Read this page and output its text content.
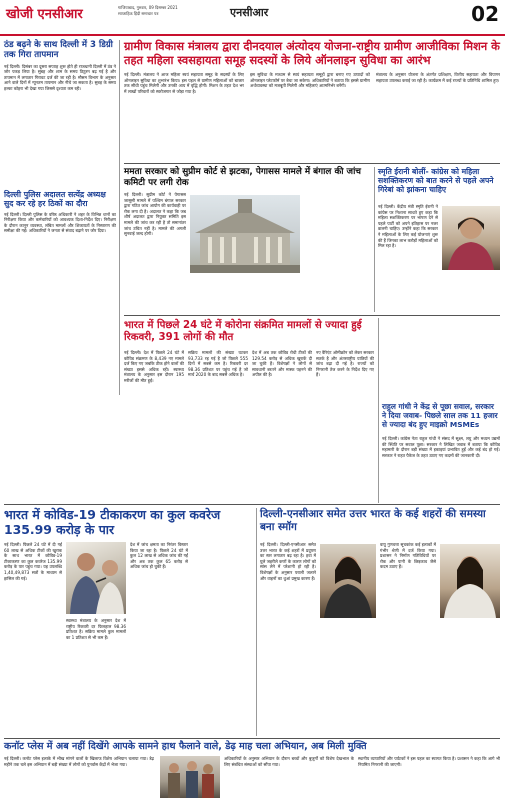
खोजी एनसीआर	गाजियाबाद, गुरुवार, 09 दिसम्बर 2021
साप्ताहिक हिंदी समाचार पत्र	एनसीआर	02
ठंड बढ़ने के साथ दिल्ली में 3 डिग्री तक गिरा तापमान
नई दिल्ली। दिसंबर का दूसरा सप्ताह शुरू होते ही राजधानी दिल्ली में ठंड ने जोर पकड़ लिया है। सुबह और शाम के समय ठिठुरन बढ़ गई है और तापमान में लगातार गिरावट दर्ज की जा रही है। मौसम विभाग के अनुसार आने वाले दिनों में न्यूनतम तापमान और नीचे जा सकता है। सुबह के समय हल्का कोहरा भी देखा गया जिससे दृश्यता कम रही।
दिल्ली पुलिस अदालत सत्येंद्र अध्यक्ष सुद कर रहे हर ठिकों का दौरा
नई दिल्ली। दिल्ली पुलिस के वरिष्ठ अधिकारी ने शहर के विभिन्न थानों का निरीक्षण किया और कर्मचारियों को आवश्यक दिशा-निर्देश दिए। निरीक्षण के दौरान कानून व्यवस्था, लंबित मामलों और शिकायतों के निस्तारण की समीक्षा की गई। अधिकारियों ने जनता से संवाद बढ़ाने पर जोर दिया।
ग्रामीण विकास मंत्रालय द्वारा दीनदयाल अंत्योदय योजना-राष्ट्रीय ग्रामीण आजीविका मिशन के तहत महिला स्वसहायता समूह सदस्यों के लिये ऑनलाइन सुविधा का आरंभ
नई दिल्ली। मंत्रालय ने आज महिला स्वयं सहायता समूह के सदस्यों के लिए ऑनलाइन सुविधा का शुभारंभ किया। इस पहल से ग्रामीण महिलाओं को बाजार तक सीधी पहुंच मिलेगी और उनकी आय में वृद्धि होगी। मिशन के तहत देश भर में लाखों परिवारों को स्वरोजगार से जोड़ा गया है।
इस सुविधा के माध्यम से स्वयं सहायता समूहों द्वारा बनाए गए उत्पादों को ऑनलाइन प्लेटफॉर्म पर बेचा जा सकेगा। अधिकारियों ने बताया कि इससे ग्रामीण अर्थव्यवस्था को मजबूती मिलेगी और महिलाएं आत्मनिर्भर बनेंगी।
मंत्रालय के अनुसार योजना के अंतर्गत प्रशिक्षण, वित्तीय सहायता और विपणन सहायता उपलब्ध कराई जा रही है। कार्यक्रम में कई राज्यों के प्रतिनिधि शामिल हुए।
ममता सरकार को सुप्रीम कोर्ट से झटका, पेगासस मामले में बंगाल की जांच कमिटी पर लगी रोक
नई दिल्ली। सुप्रीम कोर्ट ने पेगासस जासूसी मामले में पश्चिम बंगाल सरकार द्वारा गठित जांच आयोग की कार्यवाही पर रोक लगा दी है। अदालत ने कहा कि जब शीर्ष अदालत द्वारा नियुक्त समिति इस मामले की जांच कर रही है तो समानांतर जांच उचित नहीं है। मामले की अगली सुनवाई जल्द होगी।
स्मृति ईरानी बोलीं- कांग्रेस को महिला सशक्तिकरण को बात करने से पहले अपने गिरेबां को झांकना चाहिए
नई दिल्ली। केंद्रीय मंत्री स्मृति ईरानी ने कांग्रेस पर निशाना साधते हुए कहा कि महिला सशक्तिकरण पर भाषण देने से पहले पार्टी को अपने इतिहास पर नजर डालनी चाहिए। उन्होंने कहा कि सरकार ने महिलाओं के लिए कई योजनाएं शुरू की हैं जिनका लाभ करोड़ों महिलाओं को मिल रहा है।
भारत में पिछले 24 घंटे में कोरोना संक्रमित मामलों से ज्यादा हुई रिकवरी, 391 लोगों की मौत
नई दिल्ली। देश में पिछले 24 घंटे में कोविड संक्रमण के 8,439 नए मामले दर्ज किए गए जबकि ठीक होने वालों की संख्या इससे अधिक रही। स्वास्थ्य मंत्रालय के अनुसार इस दौरान 195 मरीजों की मौत हुई।
सक्रिय मामलों की संख्या घटकर 93,733 रह गई है जो पिछले 555 दिनों में सबसे कम है। रिकवरी दर 98.36 प्रतिशत पर पहुंच गई है जो मार्च 2020 के बाद सबसे अधिक है।
देश में अब तक कोविड रोधी टीकों की 129.54 करोड़ से अधिक खुराकें दी जा चुकी हैं। विशेषज्ञों ने लोगों से सावधानी बरतने और मास्क पहनने की अपील की है।
नए वैरिएंट ओमीक्रोन को लेकर सरकार सतर्क है और अंतरराष्ट्रीय यात्रियों की जांच बढ़ा दी गई है। राज्यों को निगरानी तेज करने के निर्देश दिए गए हैं।
राहुल गांधी ने केंद्र से पूछा सवाल, सरकार ने दिया जवाब- पिछले साल तक 11 हजार से ज्यादा बंद हुए माइक्रो MSMEs
नई दिल्ली। कांग्रेस नेता राहुल गांधी ने संसद में सूक्ष्म, लघु और मध्यम उद्यमों की स्थिति पर सवाल पूछा। सरकार ने लिखित जवाब में बताया कि कोविड महामारी के दौरान बड़ी संख्या में इकाइयां प्रभावित हुईं और कई बंद हो गईं। सरकार ने राहत पैकेज के तहत उठाए गए कदमों की जानकारी दी।
भारत में कोविड-19 टीकाकरण का कुल कवरेज 135.99 करोड़ के पार
नई दिल्ली। पिछले 24 घंटे में दी गई 60 लाख से अधिक टीकों की खुराक के साथ भारत में कोविड-19 टीकाकरण का कुल कवरेज 135.99 करोड़ के पार पहुंच गया। यह उपलब्धि 1,40,49,873 सत्रों के माध्यम से हासिल की गई।
स्वास्थ्य मंत्रालय के अनुसार देश में राष्ट्रीय रिकवरी दर फिलहाल 98.36 प्रतिशत है। सक्रिय मामले कुल मामलों का 1 प्रतिशत से भी कम हैं।
देश में जांच क्षमता का निरंतर विस्तार किया जा रहा है। पिछले 24 घंटे में कुल 12 लाख से अधिक जांच की गईं और अब तक कुल 65 करोड़ से अधिक जांच हो चुकी हैं।
दिल्ली-एनसीआर समेत उत्तर भारत के कई शहरों की समस्या बना स्मॉग
नई दिल्ली। दिल्ली-एनसीआर समेत उत्तर भारत के कई शहरों में प्रदूषण का स्तर लगातार बढ़ रहा है। हवा में घुले जहरीले कणों के कारण लोगों को सांस लेने में परेशानी हो रही है। विशेषज्ञों के अनुसार पराली जलाने और वाहनों का धुआं प्रमुख कारण हैं।
वायु गुणवत्ता सूचकांक कई इलाकों में गंभीर श्रेणी में दर्ज किया गया। प्रशासन ने निर्माण गतिविधियों पर रोक और पानी के छिड़काव जैसे कदम उठाए हैं।
कनॉट प्लेस में अब नहीं दिखेंगे आपके सामने हाथ फैलाने वाले, डेढ़ माह चला अभियान, अब मिली मुक्ति
नई दिल्ली। कनॉट प्लेस इलाके में भीख मांगने वालों के खिलाफ विशेष अभियान चलाया गया। डेढ़ महीने तक चले इस अभियान में बड़ी संख्या में लोगों को पुनर्वास केंद्रों में भेजा गया।
अधिकारियों के अनुसार अभियान के दौरान बच्चों और बुजुर्गों को विशेष देखभाल के लिए संबंधित संस्थाओं को सौंपा गया।
स्थानीय व्यापारियों और पर्यटकों ने इस पहल का स्वागत किया है। प्रशासन ने कहा कि आगे भी नियमित निगरानी की जाएगी।
